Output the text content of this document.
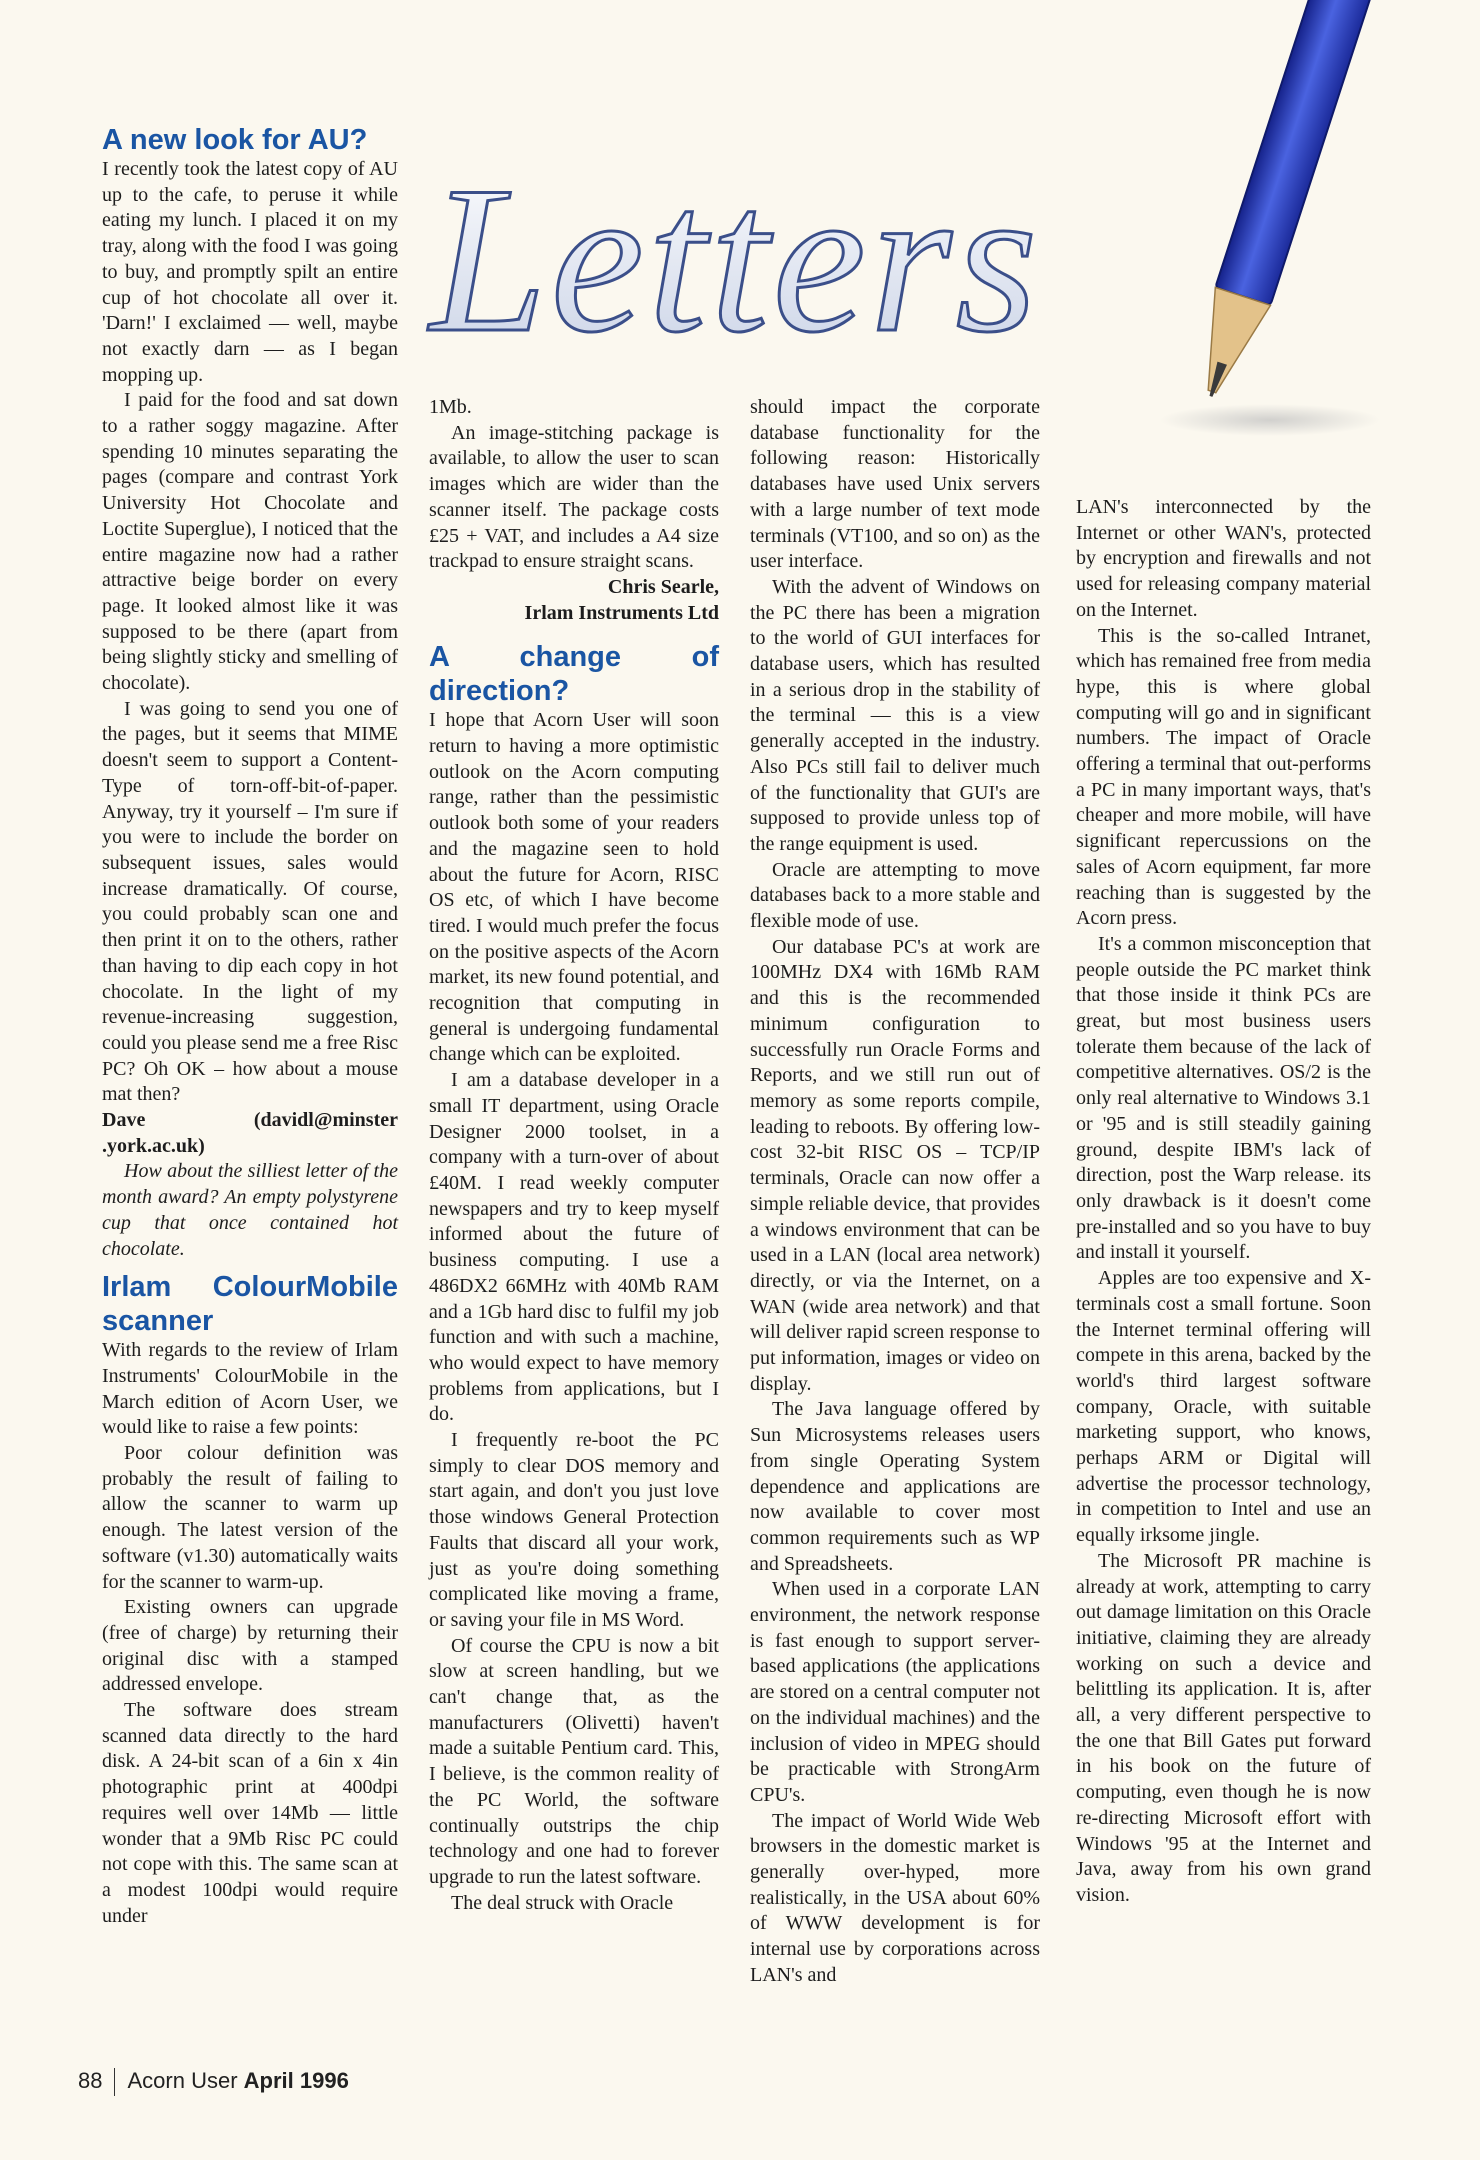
Letters
A new look for AU?

I recently took the latest copy of AU up to the cafe, to peruse it while eating my lunch. I placed it on my tray, along with the food I was going to buy, and promptly spilt an entire cup of hot chocolate all over it. 'Darn!' I exclaimed — well, maybe not exactly darn — as I began mopping up.

I paid for the food and sat down to a rather soggy magazine. After spending 10 minutes separating the pages (compare and contrast York University Hot Chocolate and Loctite Superglue), I noticed that the entire magazine now had a rather attractive beige border on every page. It looked almost like it was supposed to be there (apart from being slightly sticky and smelling of chocolate).

I was going to send you one of the pages, but it seems that MIME doesn't seem to support a Content-Type of torn-off-bit-of-paper. Anyway, try it yourself – I'm sure if you were to include the border on subsequent issues, sales would increase dramatically. Of course, you could probably scan one and then print it on to the others, rather than having to dip each copy in hot chocolate. In the light of my revenue-increasing suggestion, could you please send me a free Risc PC? Oh OK – how about a mouse mat then?

Dave (davidl@minster .york.ac.uk)

How about the silliest letter of the month award? An empty polystyrene cup that once contained hot chocolate.

Irlam ColourMobile scanner

With regards to the review of Irlam Instruments' ColourMobile in the March edition of Acorn User, we would like to raise a few points:

Poor colour definition was probably the result of failing to allow the scanner to warm up enough. The latest version of the software (v1.30) automatically waits for the scanner to warm-up.

Existing owners can upgrade (free of charge) by returning their original disc with a stamped addressed envelope.

The software does stream scanned data directly to the hard disk. A 24-bit scan of a 6in x 4in photographic print at 400dpi requires well over 14Mb — little wonder that a 9Mb Risc PC could not cope with this. The same scan at a modest 100dpi would require under

1Mb.

An image-stitching package is available, to allow the user to scan images which are wider than the scanner itself. The package costs £25 + VAT, and includes a A4 size trackpad to ensure straight scans.

Chris Searle,

Irlam Instruments Ltd

A change of direction?

I hope that Acorn User will soon return to having a more optimistic outlook on the Acorn computing range, rather than the pessimistic outlook both some of your readers and the magazine seen to hold about the future for Acorn, RISC OS etc, of which I have become tired. I would much prefer the focus on the positive aspects of the Acorn market, its new found potential, and recognition that computing in general is undergoing fundamental change which can be exploited.

I am a database developer in a small IT department, using Oracle Designer 2000 toolset, in a company with a turn-over of about £40M. I read weekly computer newspapers and try to keep myself informed about the future of business computing. I use a 486DX2 66MHz with 40Mb RAM and a 1Gb hard disc to fulfil my job function and with such a machine, who would expect to have memory problems from applications, but I do.

I frequently re-boot the PC simply to clear DOS memory and start again, and don't you just love those windows General Protection Faults that discard all your work, just as you're doing something complicated like moving a frame, or saving your file in MS Word.

Of course the CPU is now a bit slow at screen handling, but we can't change that, as the manufacturers (Olivetti) haven't made a suitable Pentium card. This, I believe, is the common reality of the PC World, the software continually outstrips the chip technology and one had to forever upgrade to run the latest software.

The deal struck with Oracle

should impact the corporate database functionality for the following reason: Historically databases have used Unix servers with a large number of text mode terminals (VT100, and so on) as the user interface.

With the advent of Windows on the PC there has been a migration to the world of GUI interfaces for database users, which has resulted in a serious drop in the stability of the terminal — this is a view generally accepted in the industry. Also PCs still fail to deliver much of the functionality that GUI's are supposed to provide unless top of the range equipment is used.

Oracle are attempting to move databases back to a more stable and flexible mode of use.

Our database PC's at work are 100MHz DX4 with 16Mb RAM and this is the recommended minimum configuration to successfully run Oracle Forms and Reports, and we still run out of memory as some reports compile, leading to reboots. By offering low-cost 32-bit RISC OS – TCP/IP terminals, Oracle can now offer a simple reliable device, that provides a windows environment that can be used in a LAN (local area network) directly, or via the Internet, on a WAN (wide area network) and that will deliver rapid screen response to put information, images or video on display.

The Java language offered by Sun Microsystems releases users from single Operating System dependence and applications are now available to cover most common requirements such as WP and Spreadsheets.

When used in a corporate LAN environment, the network response is fast enough to support server-based applications (the applications are stored on a central computer not on the individual machines) and the inclusion of video in MPEG should be practicable with StrongArm CPU's.

The impact of World Wide Web browsers in the domestic market is generally over-hyped, more realistically, in the USA about 60% of WWW development is for internal use by corporations across LAN's and

LAN's interconnected by the Internet or other WAN's, protected by encryption and firewalls and not used for releasing company material on the Internet.

This is the so-called Intranet, which has remained free from media hype, this is where global computing will go and in significant numbers. The impact of Oracle offering a terminal that out-performs a PC in many important ways, that's cheaper and more mobile, will have significant repercussions on the sales of Acorn equipment, far more reaching than is suggested by the Acorn press.

It's a common misconception that people outside the PC market think that those inside it think PCs are great, but most business users tolerate them because of the lack of competitive alternatives. OS/2 is the only real alternative to Windows 3.1 or '95 and is still steadily gaining ground, despite IBM's lack of direction, post the Warp release. its only drawback is it doesn't come pre-installed and so you have to buy and install it yourself.

Apples are too expensive and X-terminals cost a small fortune. Soon the Internet terminal offering will compete in this arena, backed by the world's third largest software company, Oracle, with suitable marketing support, who knows, perhaps ARM or Digital will advertise the processor technology, in competition to Intel and use an equally irksome jingle.

The Microsoft PR machine is already at work, attempting to carry out damage limitation on this Oracle initiative, claiming they are already working on such a device and belittling its application. It is, after all, a very different perspective to the one that Bill Gates put forward in his book on the future of computing, even though he is now re-directing Microsoft effort with Windows '95 at the Internet and Java, away from his own grand vision.

88 Acorn User April 1996
